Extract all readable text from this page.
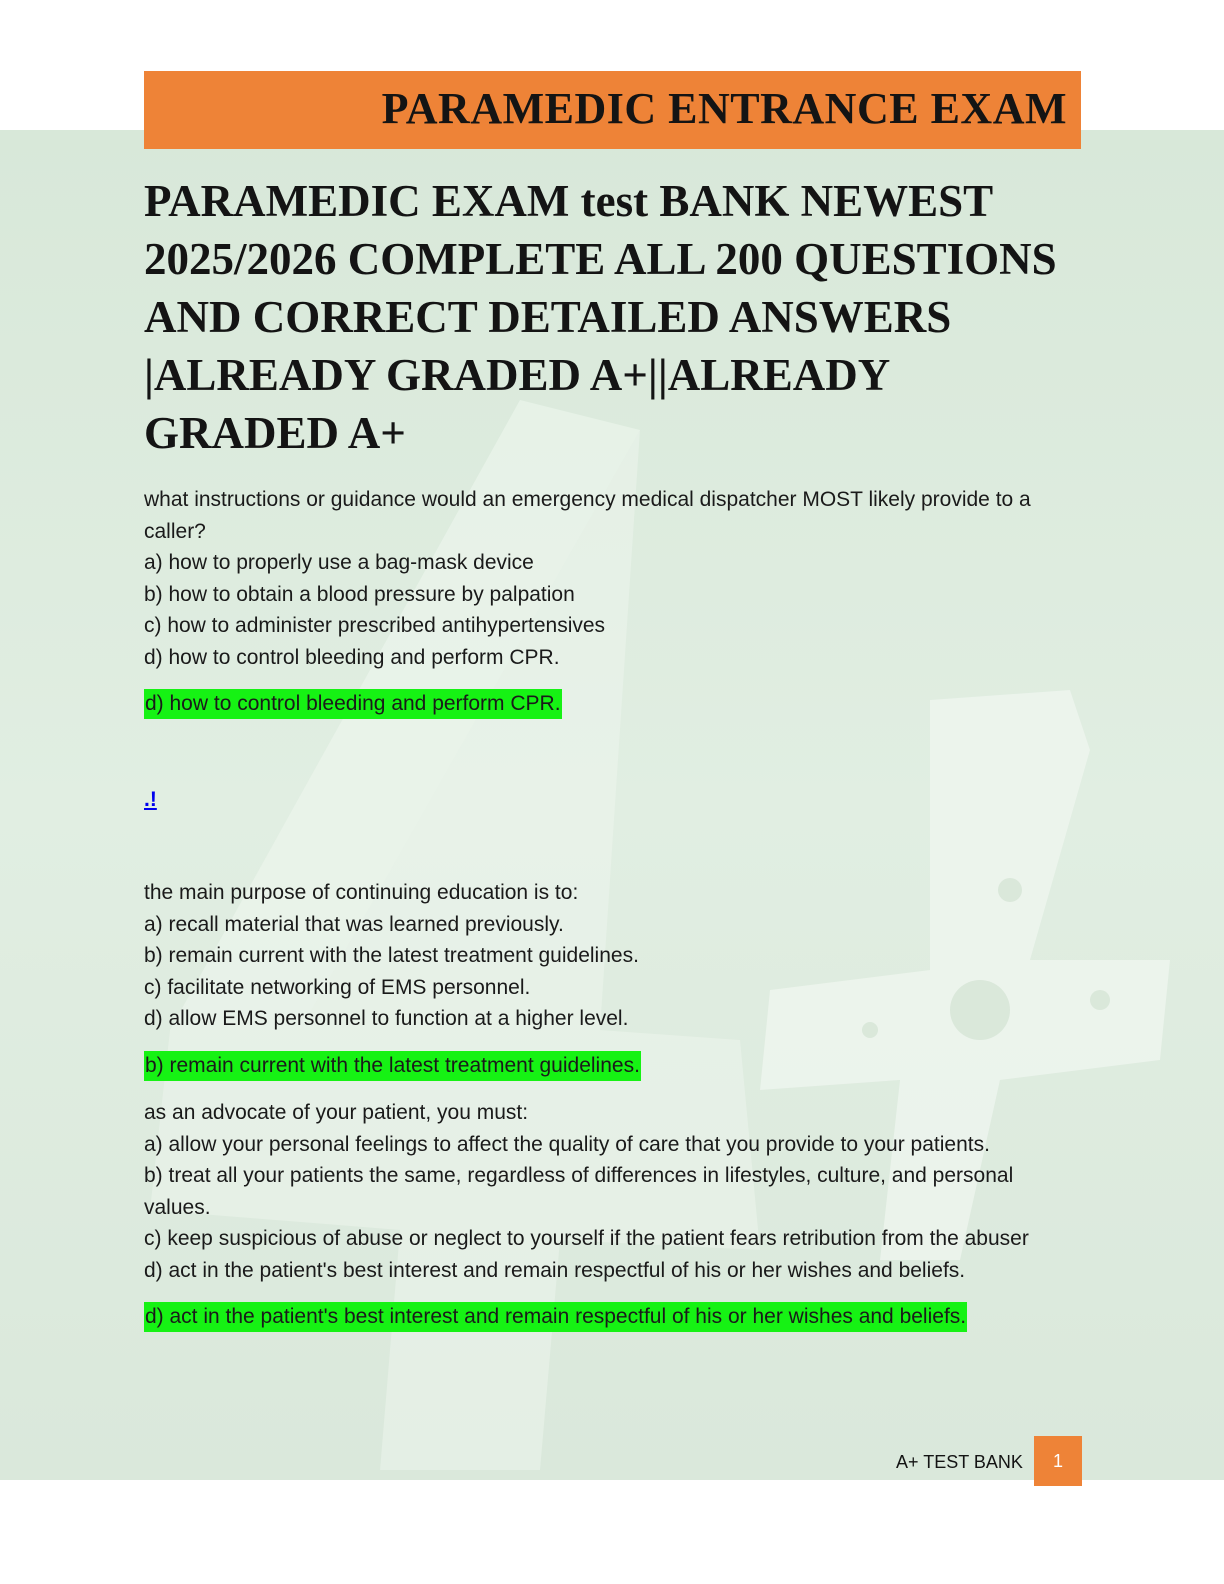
PARAMEDIC ENTRANCE EXAM
PARAMEDIC EXAM test BANK NEWEST 2025/2026 COMPLETE ALL 200 QUESTIONS AND CORRECT DETAILED ANSWERS |ALREADY GRADED A+||ALREADY GRADED A+

what instructions or guidance would an emergency medical dispatcher MOST likely provide to a caller?

a) how to properly use a bag-mask device

b) how to obtain a blood pressure by palpation

c) how to administer prescribed antihypertensives

d) how to control bleeding and perform CPR.

d) how to control bleeding and perform CPR.
.!

the main purpose of continuing education is to:

a) recall material that was learned previously.

b) remain current with the latest treatment guidelines.

c) facilitate networking of EMS personnel.

d) allow EMS personnel to function at a higher level.

b) remain current with the latest treatment guidelines.

as an advocate of your patient, you must:

a) allow your personal feelings to affect the quality of care that you provide to your patients.

b) treat all your patients the same, regardless of differences in lifestyles, culture, and personal values.

c) keep suspicious of abuse or neglect to yourself if the patient fears retribution from the abuser

d) act in the patient's best interest and remain respectful of his or her wishes and beliefs.

d) act in the patient's best interest and remain respectful of his or her wishes and beliefs.
A+ TEST BANK	1
